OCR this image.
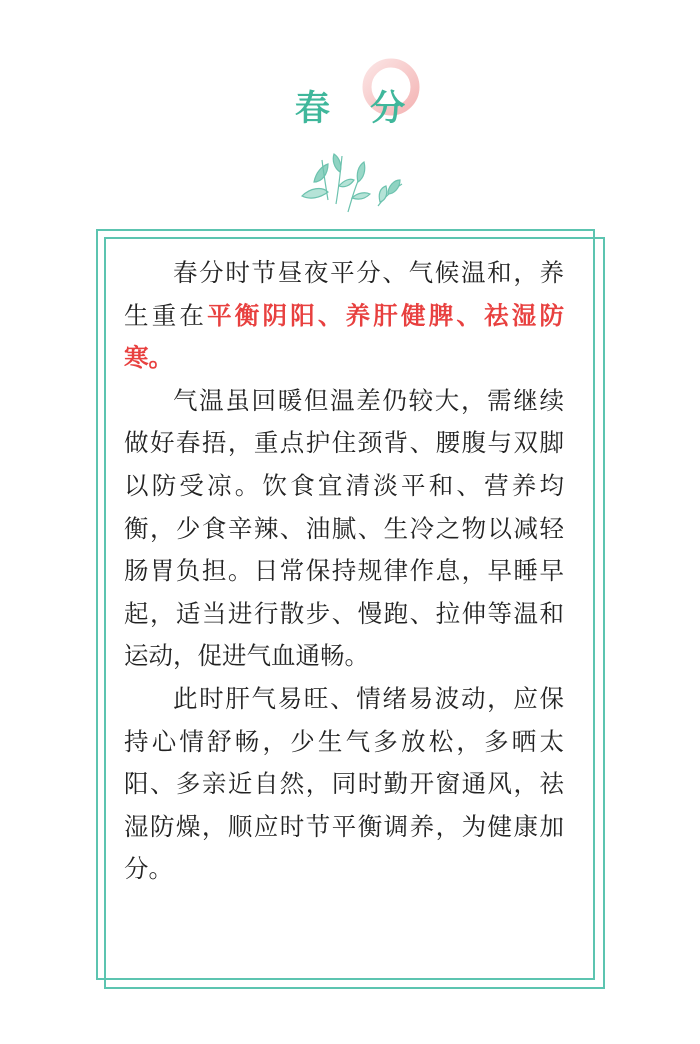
春 分

春分时节昼夜平分、气候温和，养生重在平衡阴阳、养肝健脾、祛湿防寒。

气温虽回暖但温差仍较大，需继续做好春捂，重点护住颈背、腰腹与双脚以防受凉。饮食宜清淡平和、营养均衡，少食辛辣、油腻、生冷之物以减轻肠胃负担。日常保持规律作息，早睡早起，适当进行散步、慢跑、拉伸等温和运动，促进气血通畅。

此时肝气易旺、情绪易波动，应保持心情舒畅，少生气多放松，多晒太阳、多亲近自然，同时勤开窗通风，祛湿防燥，顺应时节平衡调养，为健康加分。
